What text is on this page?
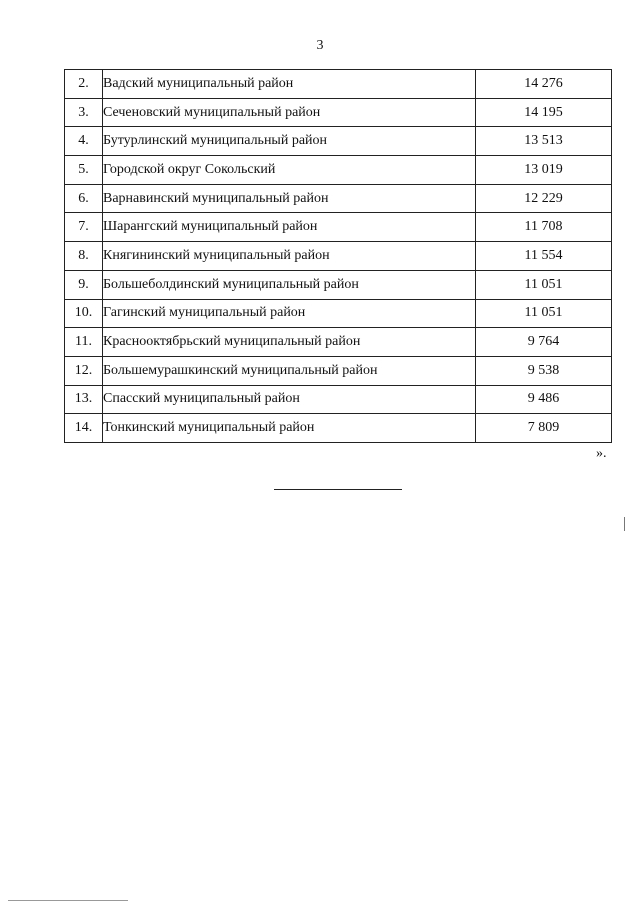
3
2.	Вадский муниципальный район	14 276
3.	Сеченовский муниципальный район	14 195
4.	Бутурлинский муниципальный район	13 513
5.	Городской округ Сокольский	13 019
6.	Варнавинский муниципальный район	12 229
7.	Шарангский муниципальный район	11 708
8.	Княгининский муниципальный район	11 554
9.	Большеболдинский муниципальный район	11 051
10.	Гагинский муниципальный район	11 051
11.	Краснооктябрьский муниципальный район	9 764
12.	Большемурашкинский муниципальный район	9 538
13.	Спасский муниципальный район	9 486
14.	Тонкинский муниципальный район	7 809
».
